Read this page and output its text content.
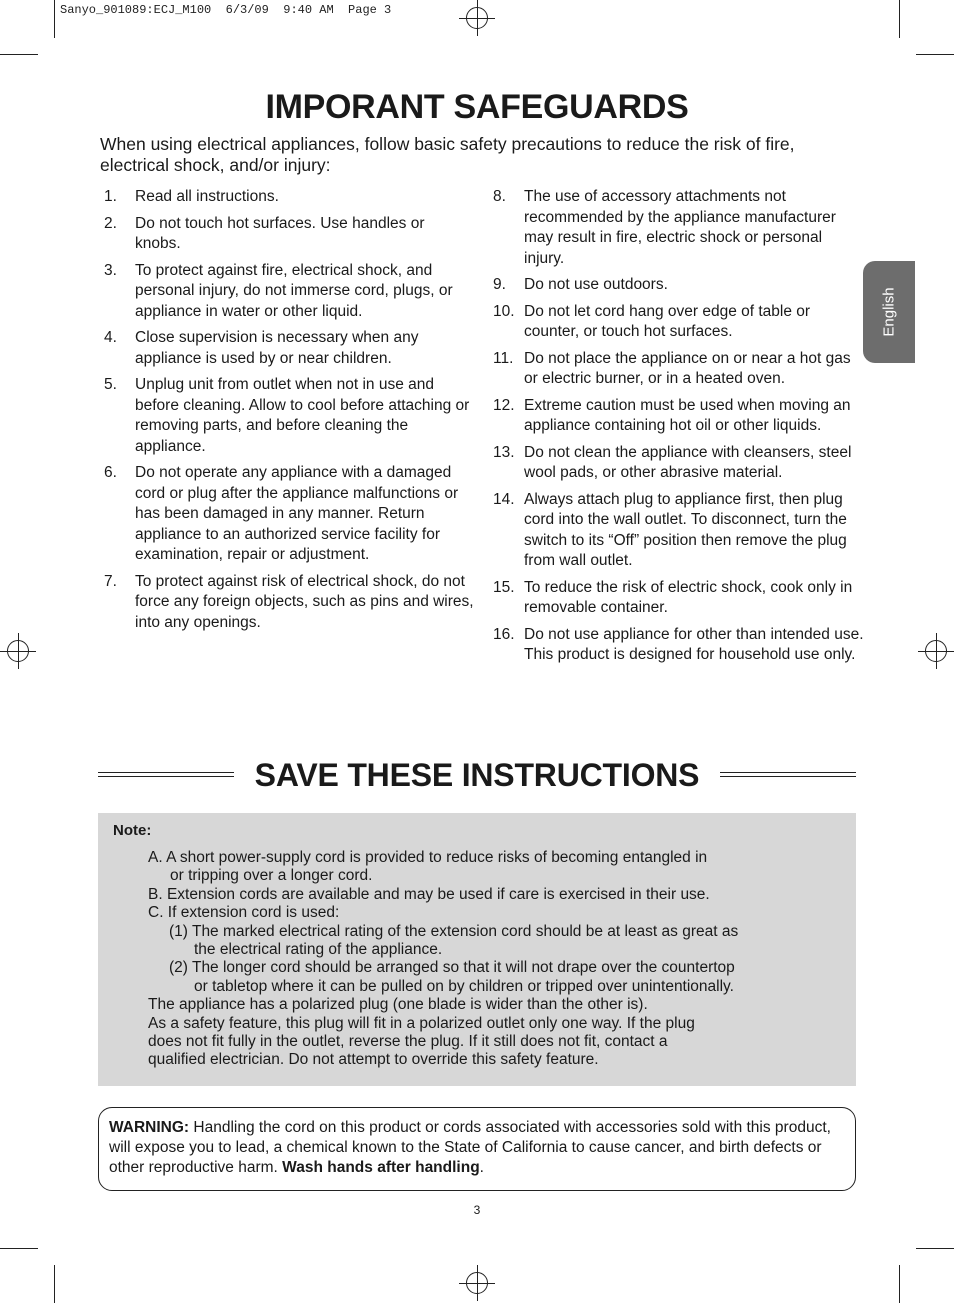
Sanyo_901089:ECJ_M100  6/3/09  9:40 AM  Page 3
IMPORANT SAFEGUARDS

When using electrical appliances, follow basic safety precautions to reduce the risk of fire, electrical shock, and/or injury:

English
1.	Read all instructions.
2.	Do not touch hot surfaces. Use handles or knobs.
3.	To protect against fire, electrical shock, and personal injury, do not immerse cord, plugs, or appliance in water or other liquid.
4.	Close supervision is necessary when any appliance is used by or near children.
5.	Unplug unit from outlet when not in use and before cleaning. Allow to cool before attaching or removing parts, and before cleaning the appliance.
6.	Do not operate any appliance with a damaged cord or plug after the appliance malfunctions or has been damaged in any manner. Return appliance to an authorized service facility for examination, repair or adjustment.
7.	To protect against risk of electrical shock, do not force any foreign objects, such as pins and wires, into any openings.
8.	The use of accessory attachments not recommended by the appliance manufacturer may result in fire, electric shock or personal injury.
9.	Do not use outdoors.
10. Do not let cord hang over edge of table or counter, or touch hot surfaces.
11. Do not place the appliance on or near a hot gas or electric burner, or in a heated oven.
12. Extreme caution must be used when moving an appliance containing hot oil or other liquids.
13. Do not clean the appliance with cleansers, steel wool pads, or other abrasive material.
14. Always attach plug to appliance first, then plug cord into the wall outlet. To disconnect, turn the switch to its “Off” position then remove the plug from wall outlet.
15. To reduce the risk of electric shock, cook only in removable container.
16. Do not use appliance for other than intended use. This product is designed for household use only.
SAVE THESE INSTRUCTIONS
Note:
A. A short power-supply cord is provided to reduce risks of becoming entangled in
or tripping over a longer cord.
B. Extension cords are available and may be used if care is exercised in their use.
C. If extension cord is used:
(1) The marked electrical rating of the extension cord should be at least as great as
the electrical rating of the appliance.
(2) The longer cord should be arranged so that it will not drape over the countertop
or tabletop where it can be pulled on by children or tripped over unintentionally.
The appliance has a polarized plug (one blade is wider than the other is).
As a safety feature, this plug will fit in a polarized outlet only one way. If the plug
does not fit fully in the outlet, reverse the plug. If it still does not fit, contact a
qualified electrician. Do not attempt to override this safety feature.
WARNING: Handling the cord on this product or cords associated with accessories sold with this product, will expose you to lead, a chemical known to the State of California to cause cancer, and birth defects or other reproductive harm. Wash hands after handling.
3
